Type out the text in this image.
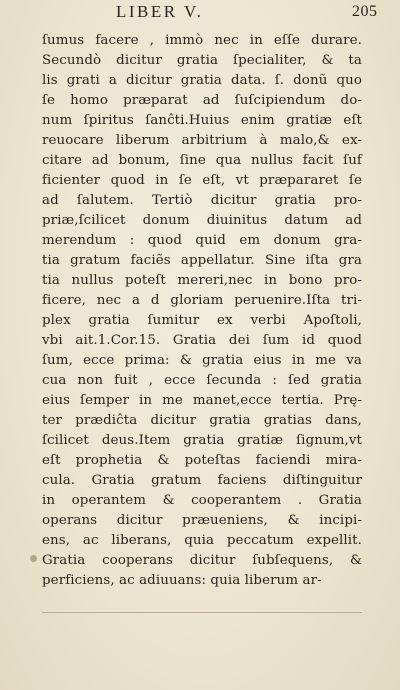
LIBER V.	205
ſumus facere , immò nec in eſſe durare.
Secundò dicitur gratia ſpecialiter, & ta
lis grati a dicitur gratia data. ſ. donũ quo
ſe homo præparat ad ſuſcipiendum do-
num ſpiritus ſanĉti.Huius enim gratiæ eſt
reuocare liberum arbitrium à malo,& ex-
citare ad bonum, ſine qua nullus facit ſuf
ficienter quod in ſe eſt, vt præpararet ſe
ad ſalutem. Tertiò dicitur gratia pro-
priæ,ſcilicet donum diuinitus datum ad
merendum : quod quid em donum gra-
tia gratum faciẽs appellatur. Sine iſta gra
tia nullus poteſt mereri,nec in bono pro-
ficere, nec a d gloriam peruenire.Iſta tri-
plex gratia ſumitur ex verbi Apoſtoli,
vbi ait.1.Cor.15. Gratia dei ſum id quod
ſum, ecce prima: & gratia eius in me va
cua non fuit , ecce ſecunda : ſed gratia
eius ſemper in me manet,ecce tertia. Prę-
ter prædiĉta dicitur gratia gratias dans,
ſcilicet deus.Item gratia gratiæ ſignum,vt
eſt prophetia & poteſtas faciendi mira-
cula. Gratia gratum faciens diſtinguitur
in operantem & cooperantem . Gratia
operans dicitur præueniens, & incipi-
ens, ac liberans, quia peccatum expellit.
Gratia cooperans dicitur ſubſequens, &
perficiens, ac adiuuans: quia liberum ar-
